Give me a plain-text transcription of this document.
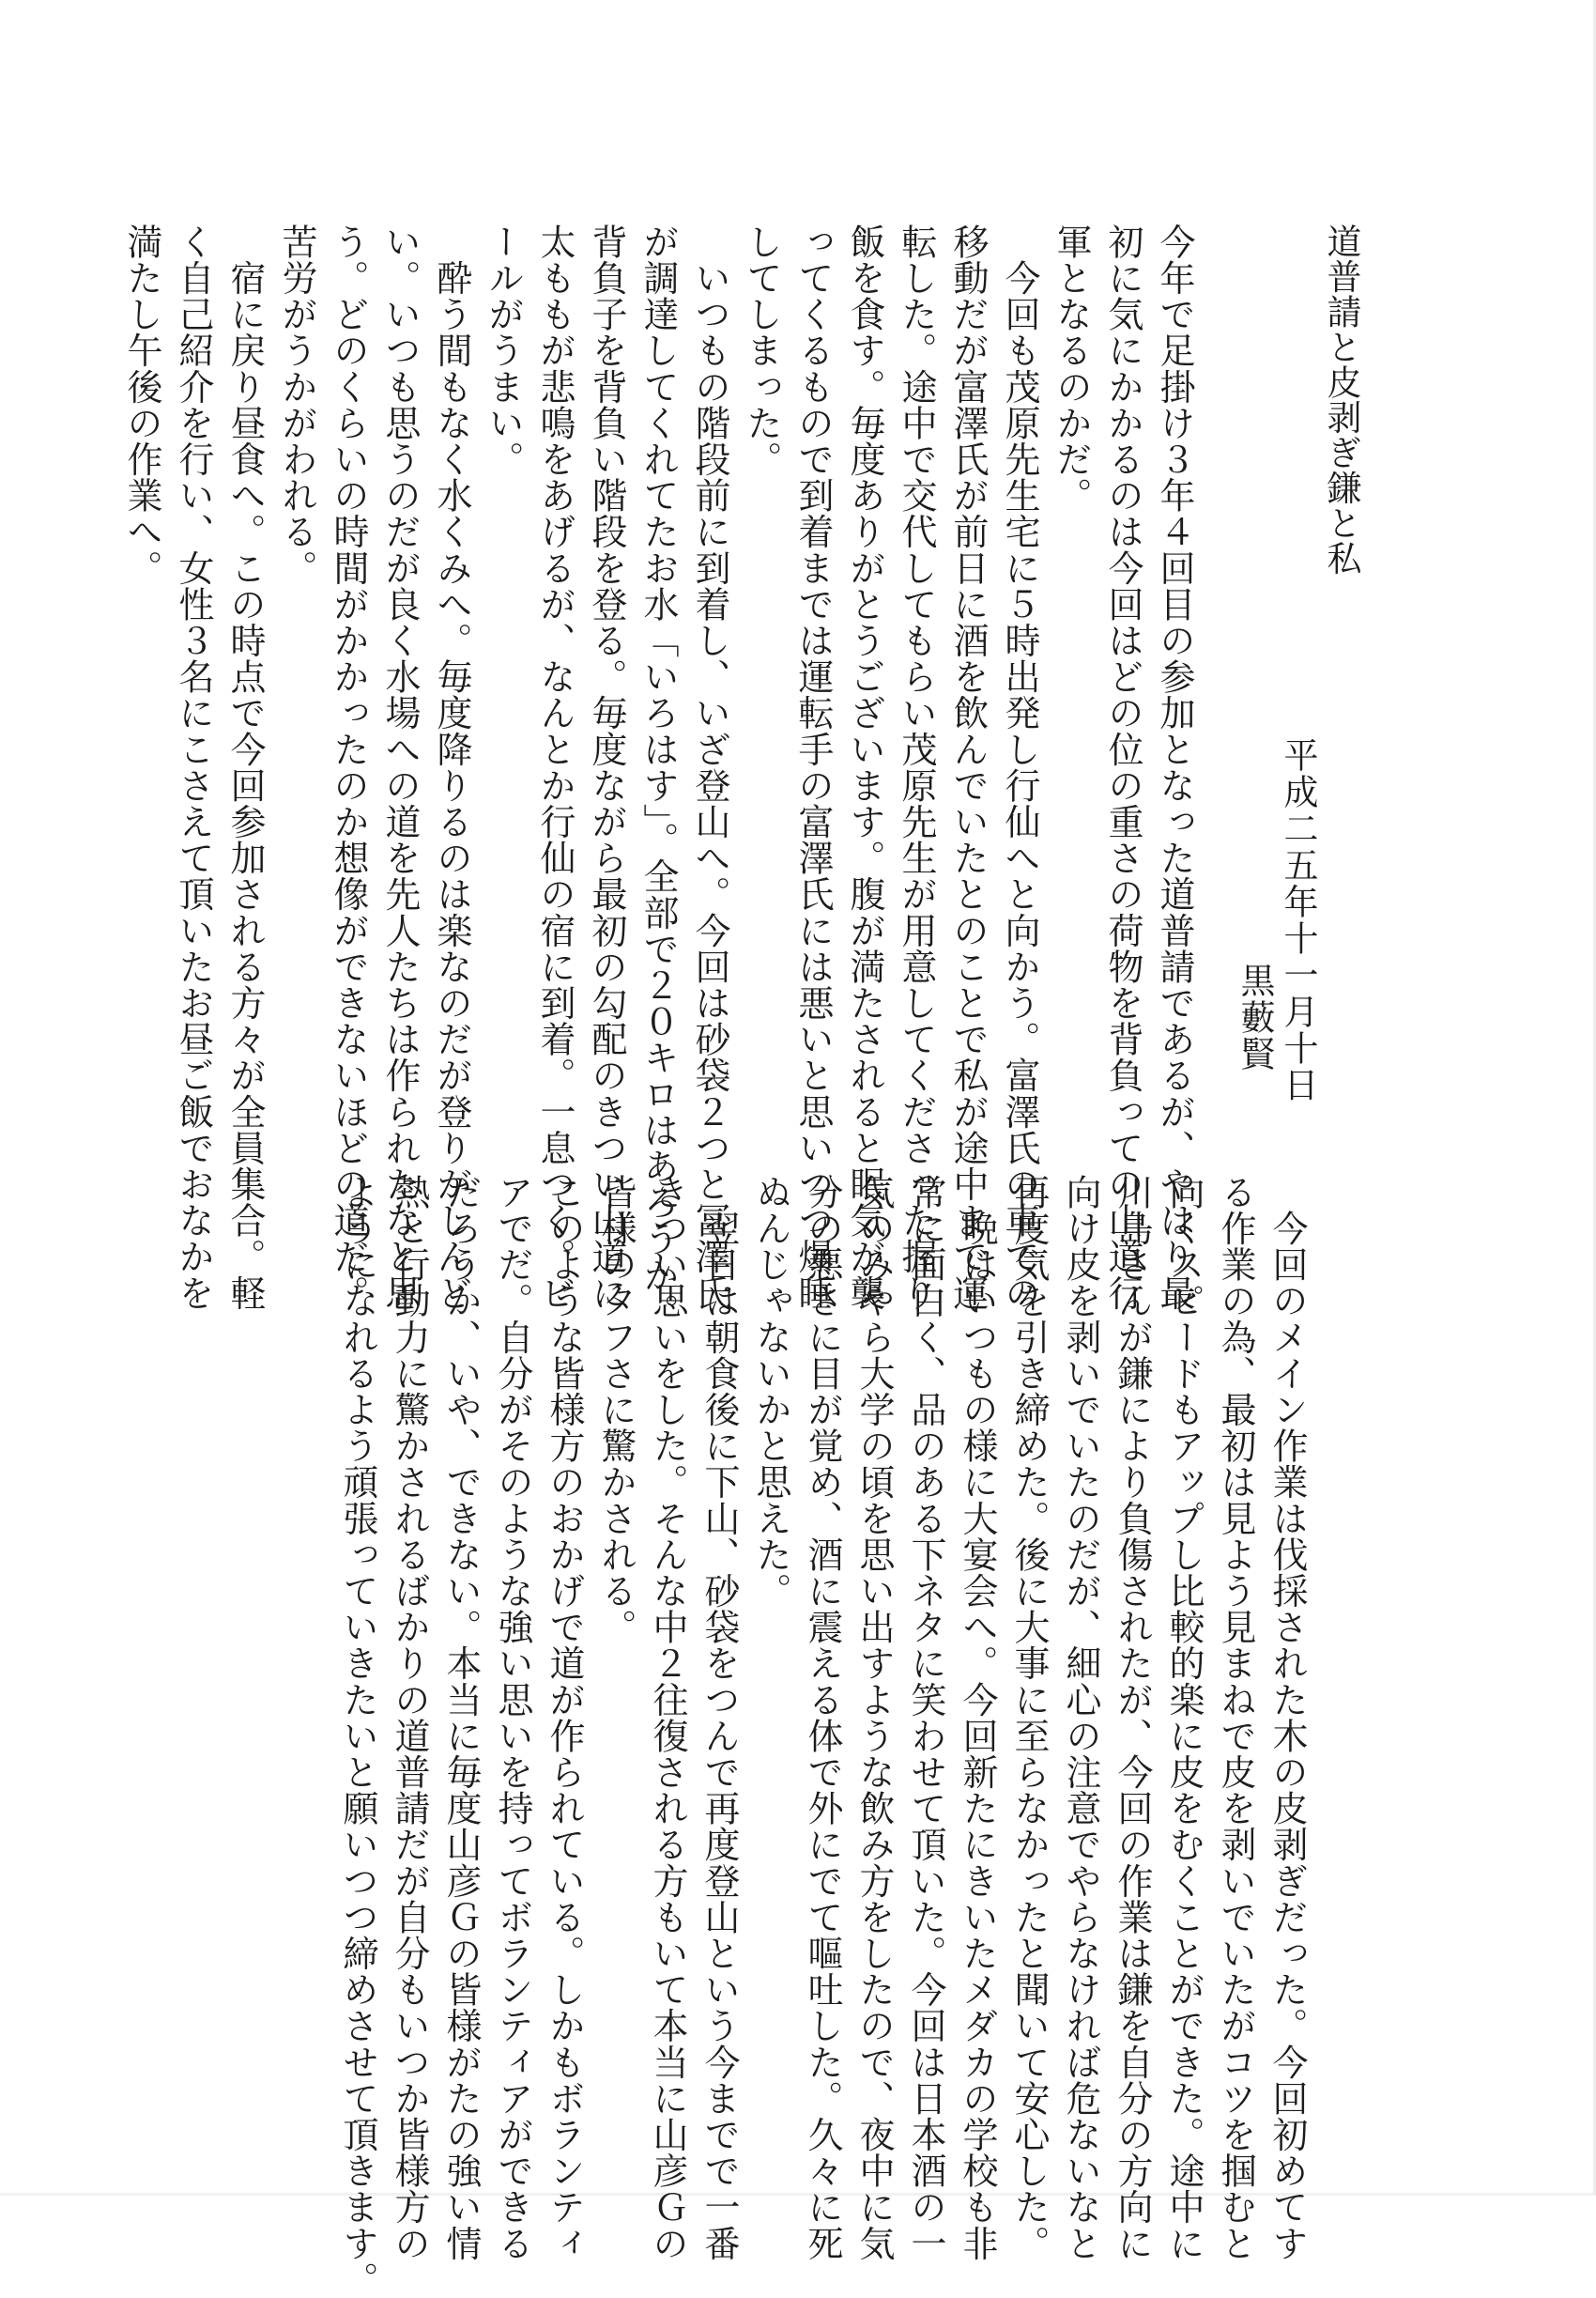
道普請と皮剥ぎ鎌と私
平成二五年十一月十日
黒藪賢
今年で足掛け３年４回目の参加となった道普請であるが、やはり最
初に気にかかるのは今回はどの位の重さの荷物を背負っての山道行
軍となるのかだ。
　今回も茂原先生宅に５時出発し行仙へと向かう。富澤氏の車での
移動だが富澤氏が前日に酒を飲んでいたとのことで私が途中まで運
転した。途中で交代してもらい茂原先生が用意してくださった握り
飯を食す。毎度ありがとうございます。腹が満たされると眠気が襲
ってくるもので到着までは運転手の富澤氏には悪いと思いつつ爆睡
してしまった。
　いつもの階段前に到着し、いざ登山へ。今回は砂袋２つと冨澤氏
が調達してくれてたお水「いろはす」。全部で２０キロはあろうか。
背負子を背負い階段を登る。毎度ながら最初の勾配のきつい山道に
太ももが悲鳴をあげるが、なんとか行仙の宿に到着。一息つく。ビ
ールがうまい。
　酔う間もなく水くみへ。毎度降りるのは楽なのだが登りがしんど
い。いつも思うのだが良く水場への道を先人たちは作られたなと思
う。どのくらいの時間がかかったのか想像ができないほどの道だ。
苦労がうかがわれる。
　宿に戻り昼食へ。この時点で今回参加される方々が全員集合。軽
く自己紹介を行い、女性３名にこさえて頂いたお昼ご飯でおなかを
満たし午後の作業へ。
　今回のメイン作業は伐採された木の皮剥ぎだった。今回初めてす
る作業の為、最初は見よう見まねで皮を剥いでいたがコツを掴むと
向くスピードもアップし比較的楽に皮をむくことができた。途中に
川島さんが鎌により負傷されたが、今回の作業は鎌を自分の方向に
向け皮を剥いでいたのだが、細心の注意でやらなければ危ないなと
再度気を引き締めた。後に大事に至らなかったと聞いて安心した。
　晩はいつもの様に大宴会へ。今回新たにきいたメダカの学校も非
常に面白く、品のある下ネタに笑わせて頂いた。今回は日本酒の一
気のみやら大学の頃を思い出すような飲み方をしたので、夜中に気
分の悪さに目が覚め、酒に震える体で外にでて嘔吐した。久々に死
ぬんじゃないかと思えた。
　翌日は朝食後に下山、砂袋をつんで再度登山という今までで一番
きつい思いをした。そんな中２往復される方もいて本当に山彦Ｇの
皆様のタフさに驚かされる。
このような皆様方のおかげで道が作られている。しかもボランティ
アでだ。自分がそのような強い思いを持ってボランティアができる
だろうか、いや、できない。本当に毎度山彦Ｇの皆様がたの強い情
熱と行動力に驚かされるばかりの道普請だが自分もいつか皆様方の
ようになれるよう頑張っていきたいと願いつつ締めさせて頂きます。
